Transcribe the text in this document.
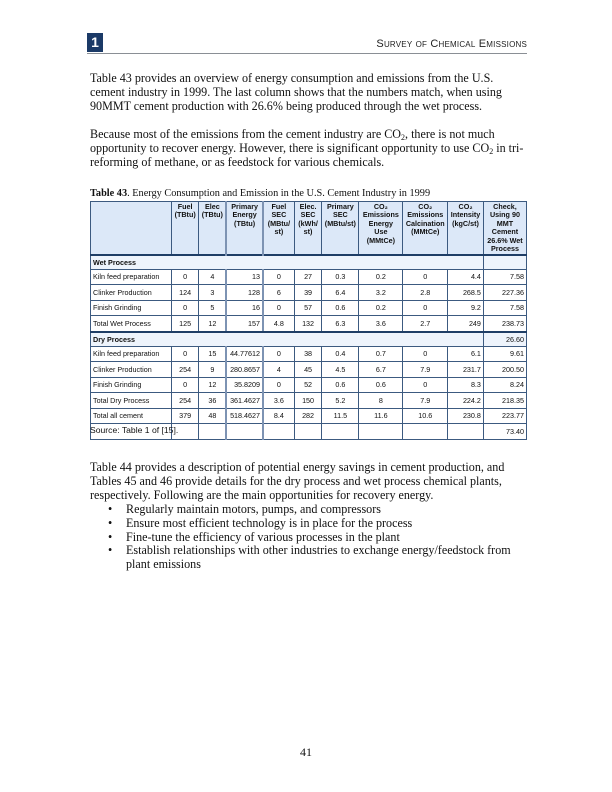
1	Survey of Chemical Emissions

Table 43 provides an overview of energy consumption and emissions from the U.S. cement industry in 1999. The last column shows that the numbers match, when using 90MMT cement production with 26.6% being produced through the wet process.

Because most of the emissions from the cement industry are $CO_2$, there is not much opportunity to recover energy. However, there is significant opportunity to use $CO_2$ in tri-reforming of methane, or as feedstock for various chemicals.

Table 43. Energy Consumption and Emission in the U.S. Cement Industry in 1999
	Fuel (TBtu)	Elec (TBtu)	Primary Energy (TBtu)	Fuel SEC (MBtu/ st)	Elec. SEC (kWh/ st)	Primary SEC (MBtu/st)	CO₂ Emissions Energy Use (MMtCe)	CO₂ Emissions Calcination (MMtCe)	CO₂ Intensity (kgC/st)	Check, Using 90 MMT Cement 26.6% Wet Process
Wet Process										
Kiln feed preparation	0	4	13	0	27	0.3	0.2	0	4.4	7.58
Clinker Production	124	3	128	6	39	6.4	3.2	2.8	268.5	227.36
Finish Grinding	0	5	16	0	57	0.6	0.2	0	9.2	7.58
Total Wet Process	125	12	157	4.8	132	6.3	3.6	2.7	249	238.73
Dry Process										26.60
Kiln feed preparation	0	15	44.77612	0	38	0.4	0.7	0	6.1	9.61
Clinker Production	254	9	280.8657	4	45	4.5	6.7	7.9	231.7	200.50
Finish Grinding	0	12	35.8209	0	52	0.6	0.6	0	8.3	8.24
Total Dry Process	254	36	361.4627	3.6	150	5.2	8	7.9	224.2	218.35
Total all cement	379	48	518.4627	8.4	282	11.5	11.6	10.6	230.8	223.77
										73.40
Source: Table 1 of [15].

Table 44 provides a description of potential energy savings in cement production, and Tables 45 and 46 provide details for the dry process and wet process chemical plants, respectively. Following are the main opportunities for recovery energy.

• Regularly maintain motors, pumps, and compressors
• Ensure most efficient technology is in place for the process
• Fine-tune the efficiency of various processes in the plant
• Establish relationships with other industries to exchange energy/feedstock from plant emissions
41
